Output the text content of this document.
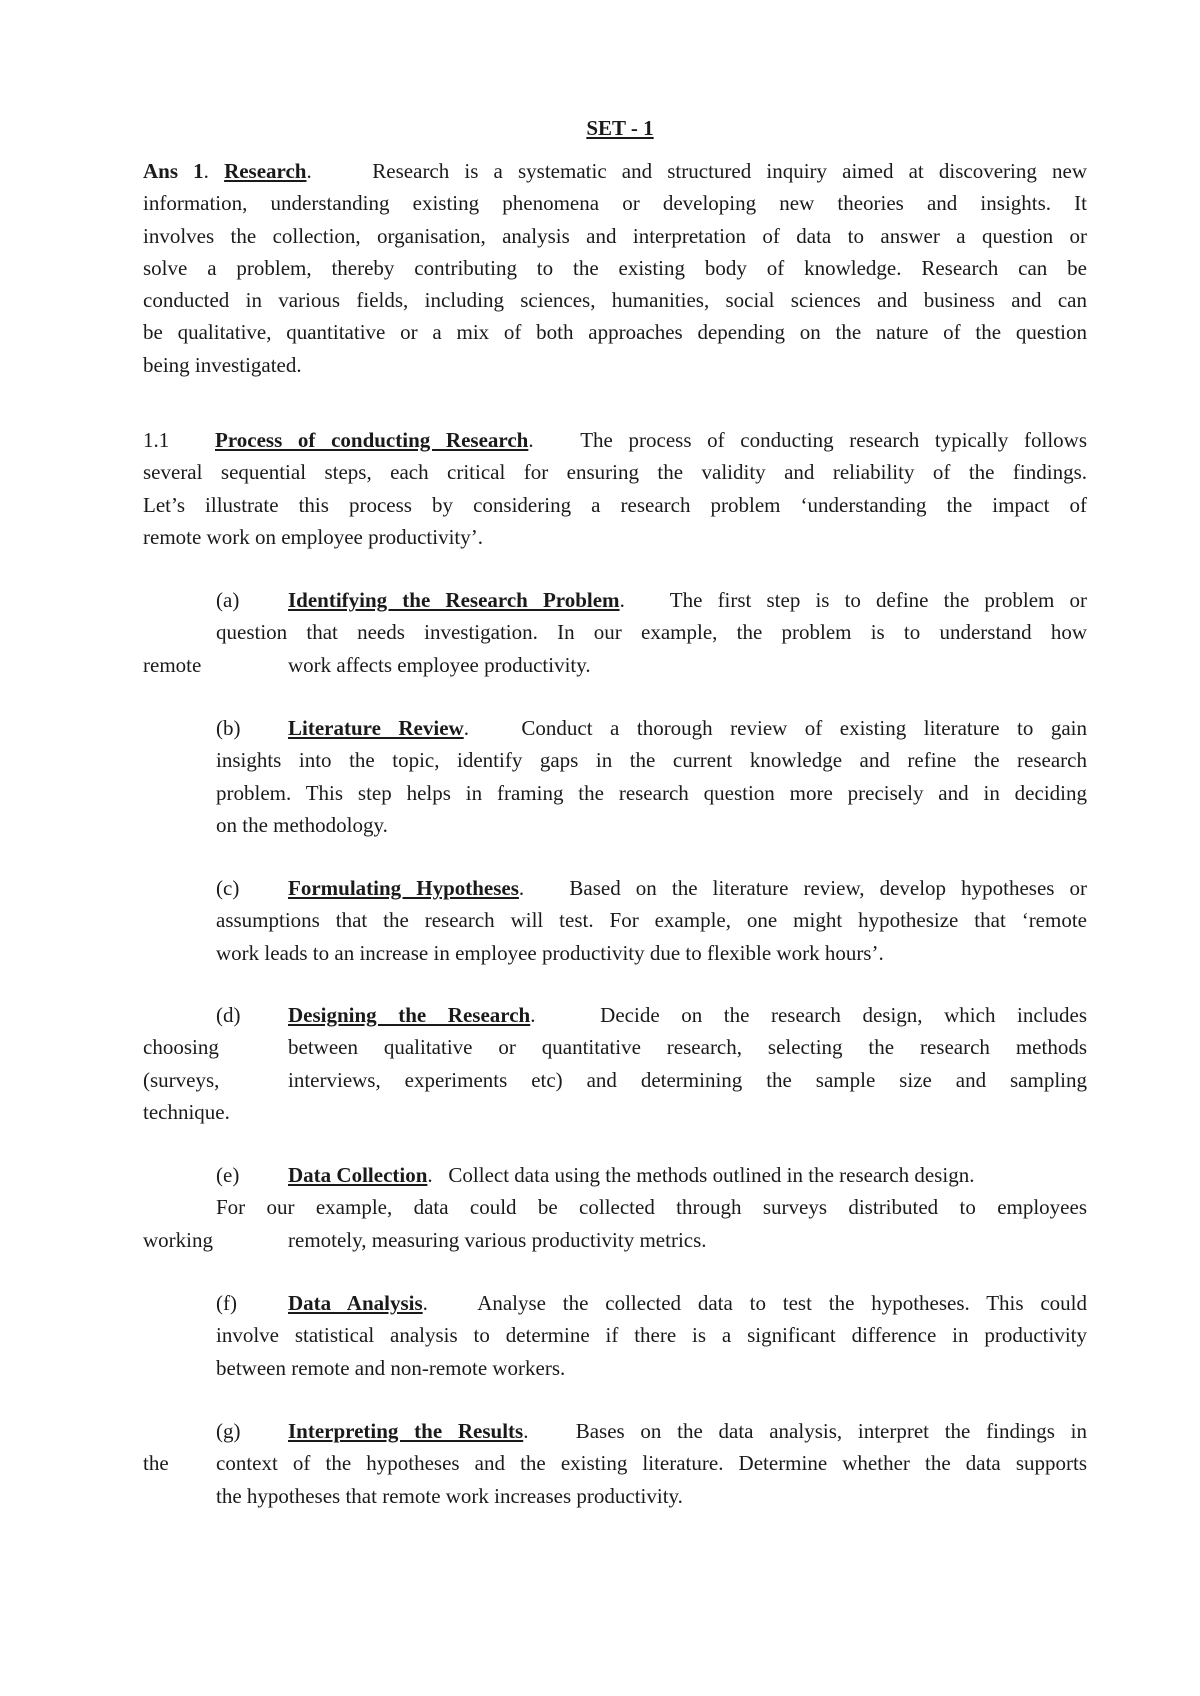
SET - 1
Ans 1. Research.    Research is a systematic and structured inquiry aimed at discovering new
information, understanding existing phenomena or developing new theories and insights. It
involves the collection, organisation, analysis and interpretation of data to answer a question or
solve a problem, thereby contributing to the existing body of knowledge. Research can be
conducted in various fields, including sciences, humanities, social sciences and business and can
be qualitative, quantitative or a mix of both approaches depending on the nature of the question
being investigated.
1.1 Process of conducting Research.   The process of conducting research typically follows
several sequential steps, each critical for ensuring the validity and reliability of the findings.
Let’s illustrate this process by considering a research problem ‘understanding the impact of
remote work on employee productivity’.
(a) Identifying the Research Problem.   The first step is to define the problem or
question that needs investigation. In our example, the problem is to understand how
remote	work affects employee productivity.
(b) Literature Review.   Conduct a thorough review of existing literature to gain
insights into the topic, identify gaps in the current knowledge and refine the research
problem. This step helps in framing the research question more precisely and in deciding
on the methodology.
(c) Formulating Hypotheses.   Based on the literature review, develop hypotheses or
assumptions that the research will test. For example, one might hypothesize that ‘remote
work leads to an increase in employee productivity due to flexible work hours’.
(d) Designing the Research.   Decide on the research design, which includes
choosing	between qualitative or quantitative research, selecting the research methods
(surveys,	interviews, experiments etc) and determining the sample size and sampling
technique.
(e) Data Collection.   Collect data using the methods outlined in the research design.
For our example, data could be collected through surveys distributed to employees
working	remotely, measuring various productivity metrics.
(f) Data Analysis.   Analyse the collected data to test the hypotheses. This could
involve statistical analysis to determine if there is a significant difference in productivity
between remote and non-remote workers.
(g) Interpreting the Results.   Bases on the data analysis, interpret the findings in
the context of the hypotheses and the existing literature. Determine whether the data supports
the hypotheses that remote work increases productivity.
